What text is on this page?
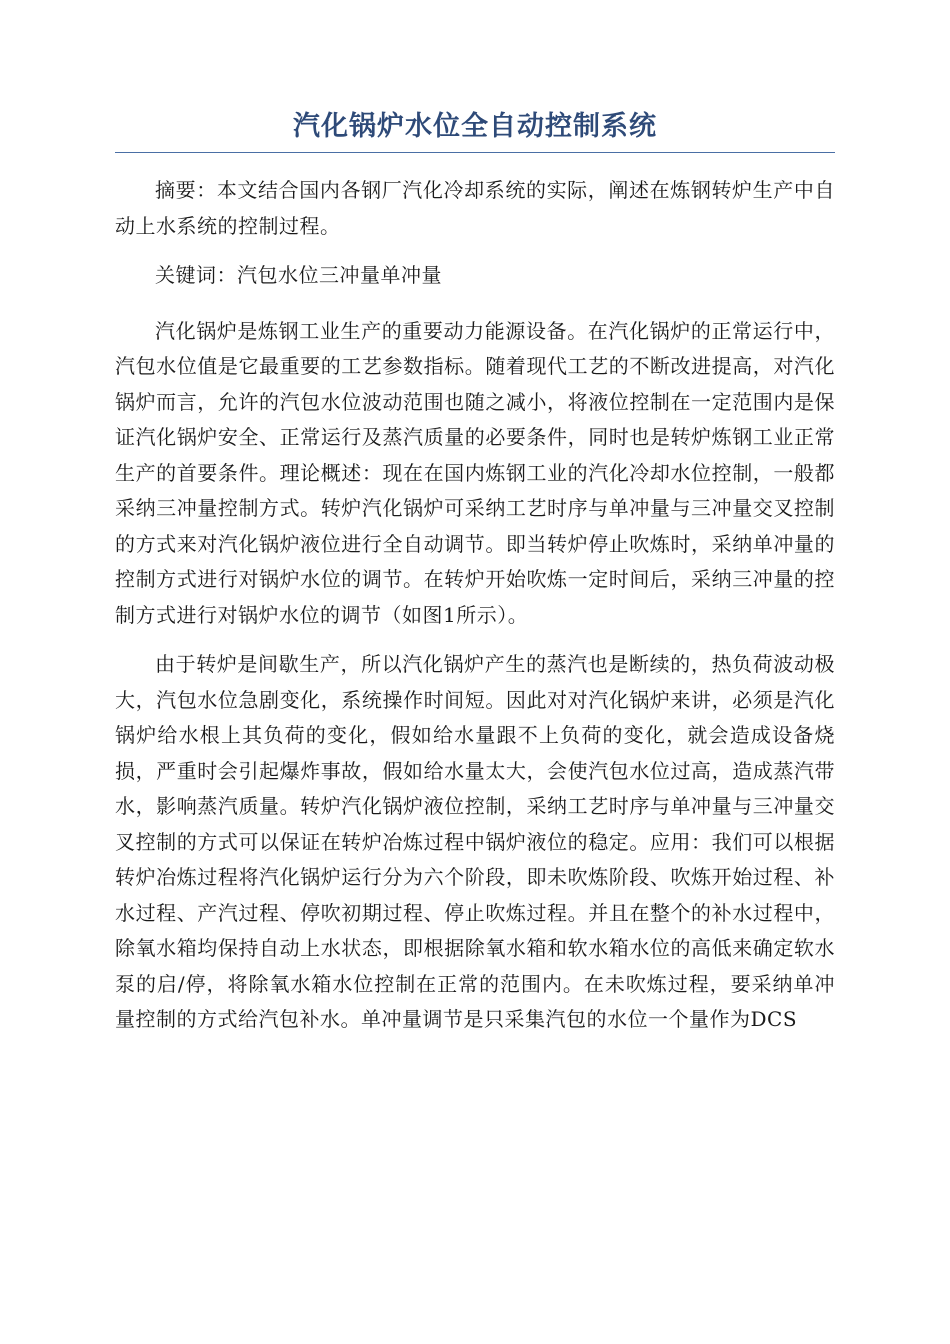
汽化锅炉水位全自动控制系统

摘要：本文结合国内各钢厂汽化冷却系统的实际，阐述在炼钢转炉生产中自动上水系统的控制过程。

关键词：汽包水位三冲量单冲量

汽化锅炉是炼钢工业生产的重要动力能源设备。在汽化锅炉的正常运行中，汽包水位值是它最重要的工艺参数指标。随着现代工艺的不断改进提高，对汽化锅炉而言，允许的汽包水位波动范围也随之减小，将液位控制在一定范围内是保证汽化锅炉安全、正常运行及蒸汽质量的必要条件，同时也是转炉炼钢工业正常生产的首要条件。理论概述：现在在国内炼钢工业的汽化冷却水位控制，一般都采纳三冲量控制方式。转炉汽化锅炉可采纳工艺时序与单冲量与三冲量交叉控制的方式来对汽化锅炉液位进行全自动调节。即当转炉停止吹炼时，采纳单冲量的控制方式进行对锅炉水位的调节。在转炉开始吹炼一定时间后，采纳三冲量的控制方式进行对锅炉水位的调节（如图1所示）。

由于转炉是间歇生产，所以汽化锅炉产生的蒸汽也是断续的，热负荷波动极大，汽包水位急剧变化，系统操作时间短。因此对对汽化锅炉来讲，必须是汽化锅炉给水根上其负荷的变化，假如给水量跟不上负荷的变化，就会造成设备烧损，严重时会引起爆炸事故，假如给水量太大，会使汽包水位过高，造成蒸汽带水，影响蒸汽质量。转炉汽化锅炉液位控制，采纳工艺时序与单冲量与三冲量交叉控制的方式可以保证在转炉冶炼过程中锅炉液位的稳定。应用：我们可以根据转炉冶炼过程将汽化锅炉运行分为六个阶段，即未吹炼阶段、吹炼开始过程、补水过程、产汽过程、停吹初期过程、停止吹炼过程。并且在整个的补水过程中，除氧水箱均保持自动上水状态，即根据除氧水箱和软水箱水位的高低来确定软水泵的启/停，将除氧水箱水位控制在正常的范围内。在未吹炼过程，要采纳单冲量控制的方式给汽包补水。单冲量调节是只采集汽包的水位一个量作为DCS
